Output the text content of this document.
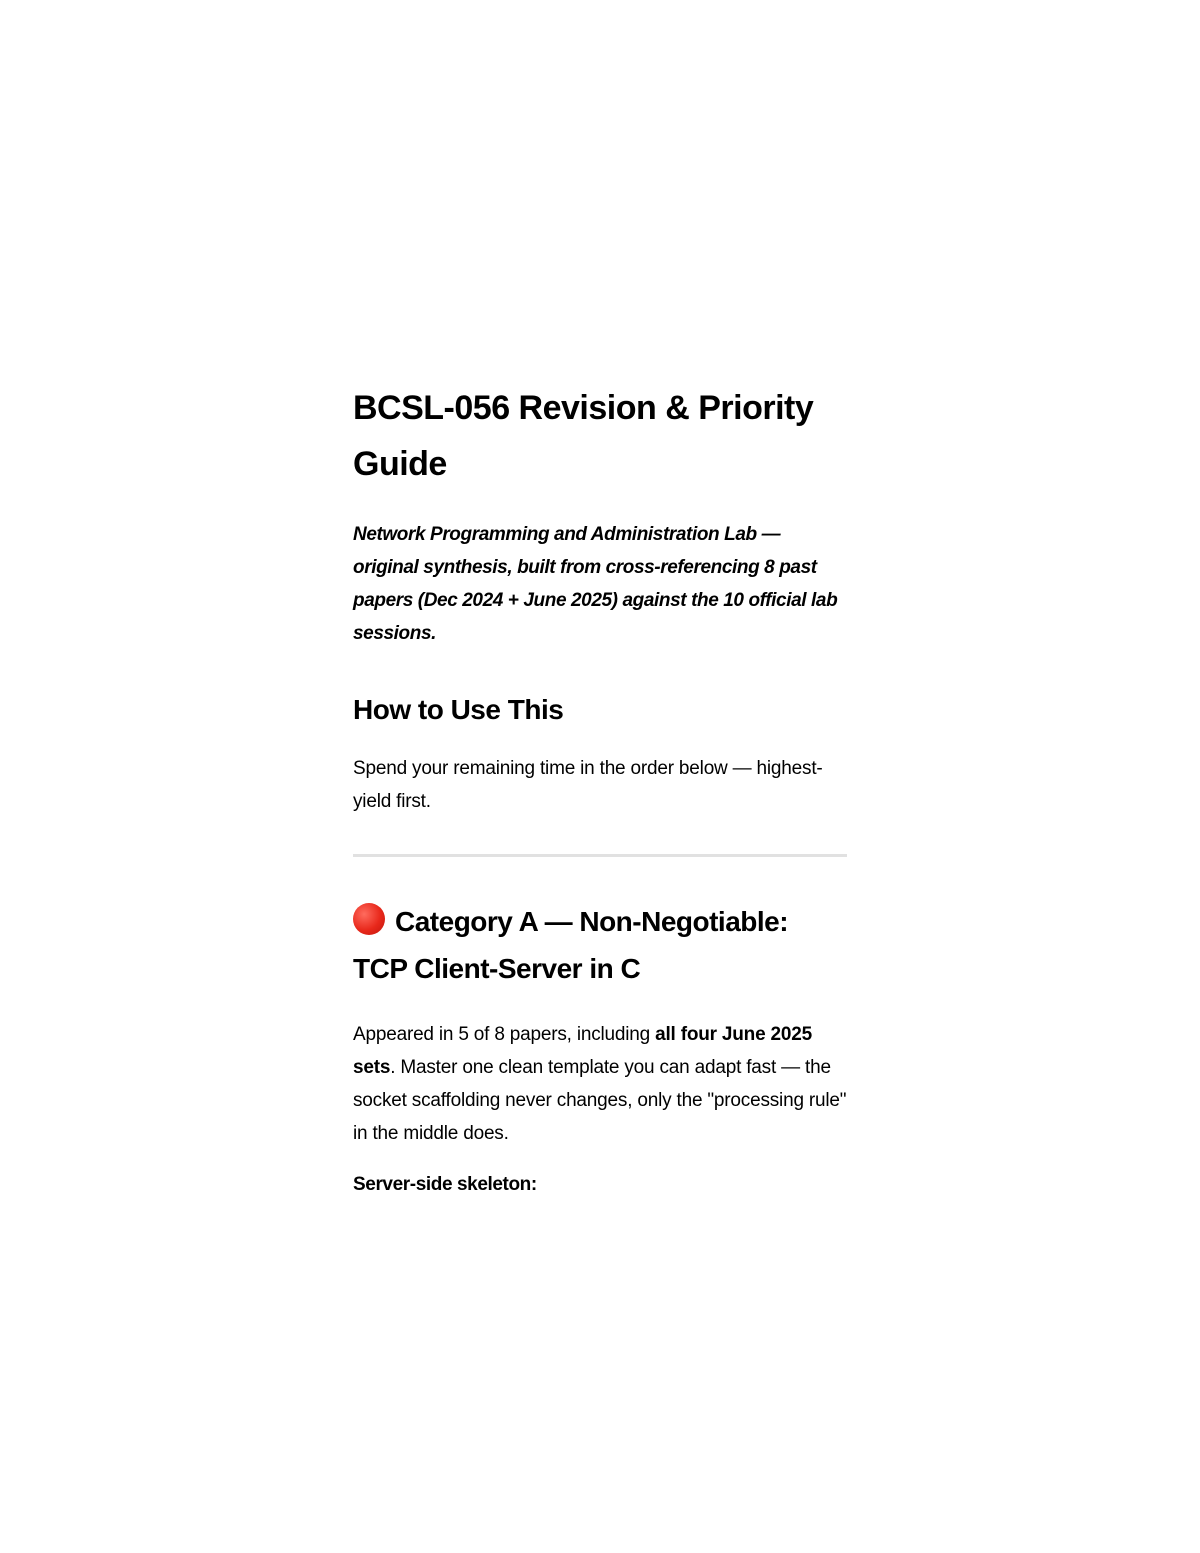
BCSL-056 Revision & Priority Guide

Network Programming and Administration Lab — original synthesis, built from cross-referencing 8 past papers (Dec 2024 + June 2025) against the 10 official lab sessions.

How to Use This

Spend your remaining time in the order below — highest-yield first.

Category A — Non-Negotiable: TCP Client-Server in C

Appeared in 5 of 8 papers, including all four June 2025 sets. Master one clean template you can adapt fast — the socket scaffolding never changes, only the "processing rule" in the middle does.

Server-side skeleton:
